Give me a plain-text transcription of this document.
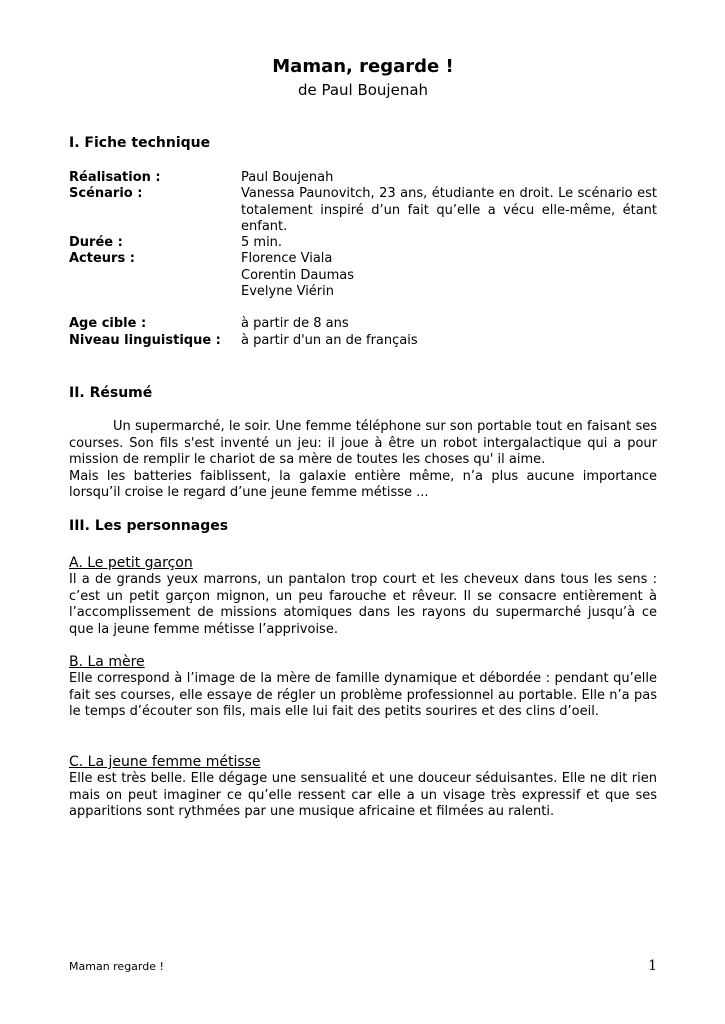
Maman, regarde !
de Paul Boujenah
I. Fiche technique
Réalisation :	Paul Boujenah
Scénario :	Vanessa Paunovitch, 23 ans, étudiante en droit. Le scénario est totalement inspiré d’un fait qu’elle a vécu elle-même, étant enfant.
Durée :	5 min.
Acteurs :	Florence Viala
Corentin Daumas
Evelyne Viérin
Age cible :	à partir de 8 ans
Niveau linguistique :	à partir d'un an de français
II. Résumé

Un supermarché, le soir. Une femme téléphone sur son portable tout en faisant ses courses. Son fils s'est inventé un jeu: il joue à être un robot intergalactique qui a pour mission de remplir le chariot de sa mère de toutes les choses qu' il aime.

Mais les batteries faiblissent, la galaxie entière même, n’a plus aucune importance lorsqu’il croise le regard d’une jeune femme métisse ...

III. Les personnages

A. Le petit garçon

Il a de grands yeux marrons, un pantalon trop court et les cheveux dans tous les sens : c’est un petit garçon mignon, un peu farouche et rêveur. Il se consacre entièrement à l’accomplissement de missions atomiques dans les rayons du supermarché jusqu’à ce que la jeune femme métisse l’apprivoise.

B. La mère

Elle correspond à l’image de la mère de famille dynamique et débordée : pendant qu’elle fait ses courses, elle essaye de régler un problème professionnel au portable. Elle n’a pas le temps d’écouter son fils, mais elle lui fait des petits sourires et des clins d’oeil.

C. La jeune femme métisse

Elle est très belle. Elle dégage une sensualité et une douceur séduisantes. Elle ne dit rien mais on peut imaginer ce qu’elle ressent car elle a un visage très expressif et que ses apparitions sont rythmées par une musique africaine et filmées au ralenti.

Maman regarde !	1
